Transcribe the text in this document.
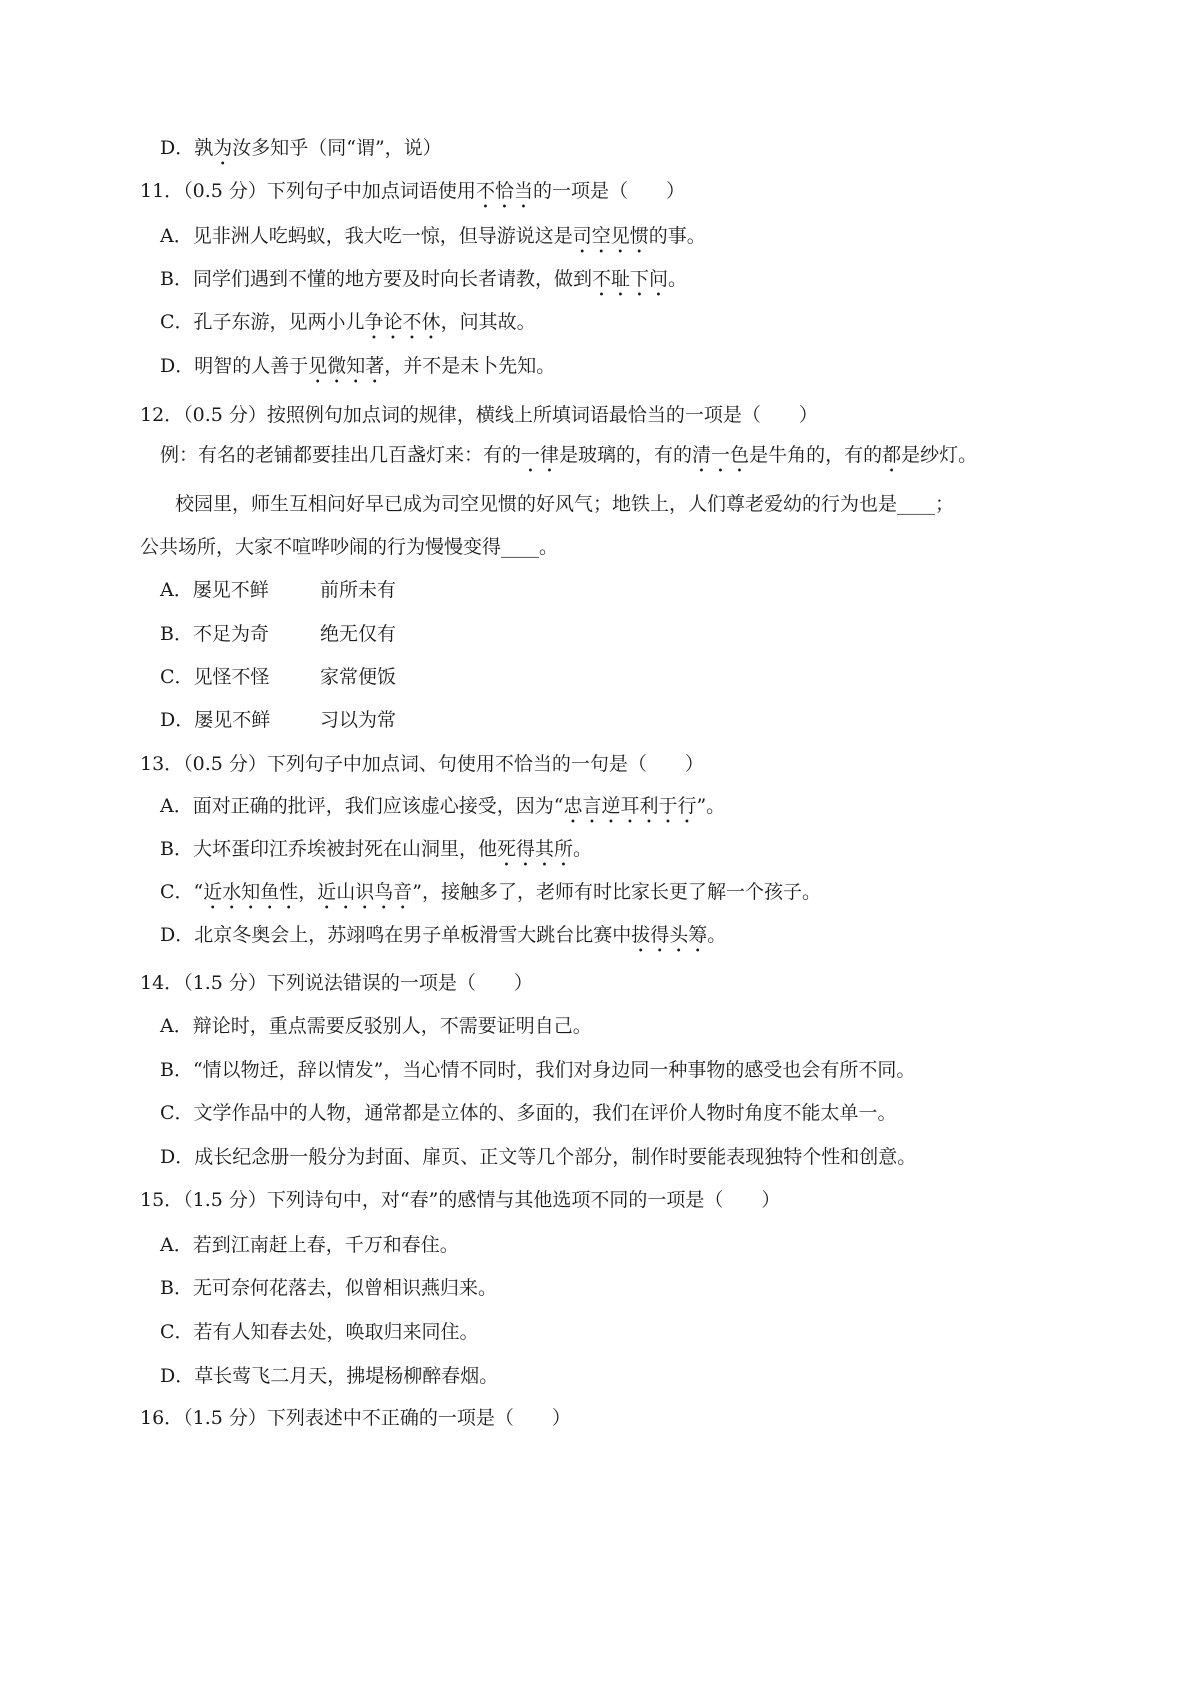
D．孰为汝多知乎（同“谓”，说）
11．（0.5 分）下列句子中加点词语使用不恰当的一项是（　　）
A．见非洲人吃蚂蚁，我大吃一惊，但导游说这是司空见惯的事。
B．同学们遇到不懂的地方要及时向长者请教，做到不耻下问。
C．孔子东游，见两小儿争论不休，问其故。
D．明智的人善于见微知著，并不是未卜先知。
12．（0.5 分）按照例句加点词的规律，横线上所填词语最恰当的一项是（　　）
例：有名的老铺都要挂出几百盏灯来：有的一律是玻璃的，有的清一色是牛角的，有的都是纱灯。
校园里，师生互相问好早已成为司空见惯的好风气；地铁上，人们尊老爱幼的行为也是____；
公共场所，大家不喧哗吵闹的行为慢慢变得____。
A．屡见不鲜	前所未有
B．不足为奇	绝无仅有
C．见怪不怪	家常便饭
D．屡见不鲜	习以为常
13．（0.5 分）下列句子中加点词、句使用不恰当的一句是（　　）
A．面对正确的批评，我们应该虚心接受，因为“忠言逆耳利于行”。
B．大坏蛋印江乔埃被封死在山洞里，他死得其所。
C．“近水知鱼性，近山识鸟音”，接触多了，老师有时比家长更了解一个孩子。
D．北京冬奥会上，苏翊鸣在男子单板滑雪大跳台比赛中拔得头筹。
14．（1.5 分）下列说法错误的一项是（　　）
A．辩论时，重点需要反驳别人，不需要证明自己。
B．“情以物迁，辞以情发”，当心情不同时，我们对身边同一种事物的感受也会有所不同。
C．文学作品中的人物，通常都是立体的、多面的，我们在评价人物时角度不能太单一。
D．成长纪念册一般分为封面、扉页、正文等几个部分，制作时要能表现独特个性和创意。
15．（1.5 分）下列诗句中，对“春”的感情与其他选项不同的一项是（　　）
A．若到江南赶上春，千万和春住。
B．无可奈何花落去，似曾相识燕归来。
C．若有人知春去处，唤取归来同住。
D．草长莺飞二月天，拂堤杨柳醉春烟。
16．（1.5 分）下列表述中不正确的一项是（　　）
